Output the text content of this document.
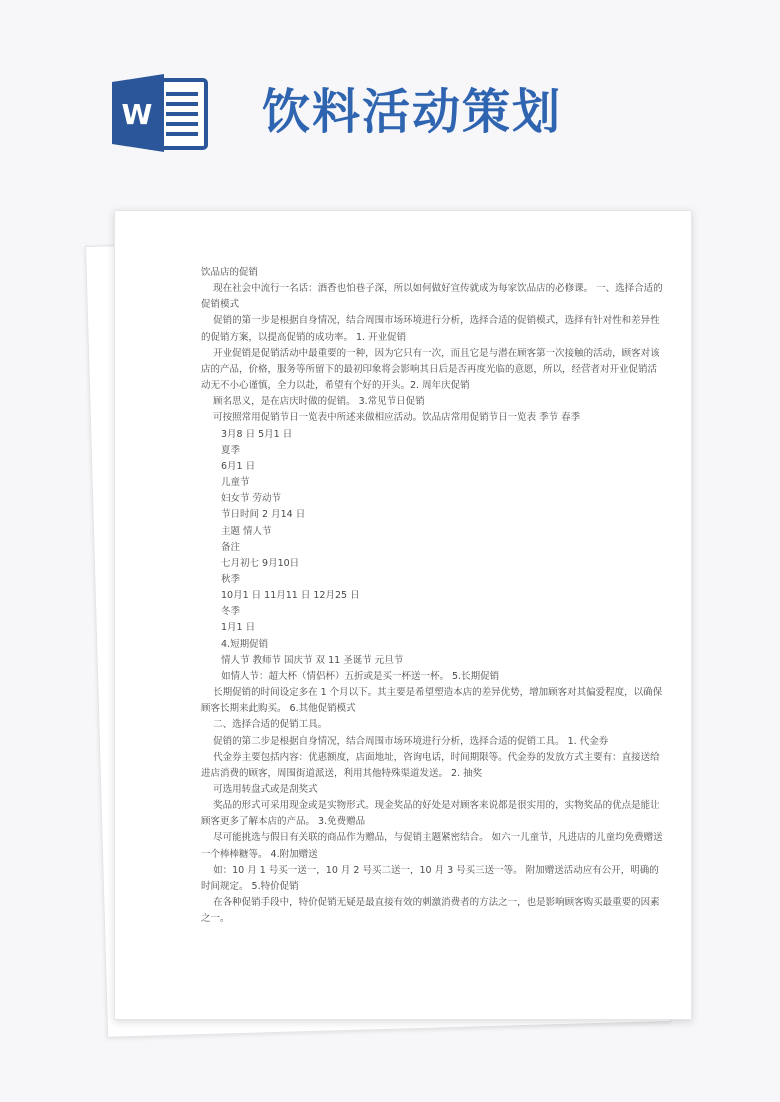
W 饮料活动策划

饮品店的促销

现在社会中流行一名话：酒香也怕巷子深，所以如何做好宣传就成为每家饮品店的必修课。 一、选择合适的促销模式

促销的第一步是根据自身情况，结合周围市场环境进行分析，选择合适的促销模式，选择有针对性和差异性的促销方案，以提高促销的成功率。 1. 开业促销

开业促销是促销活动中最重要的一种，因为它只有一次，而且它是与潜在顾客第一次接触的活动，顾客对该店的产品，价格，服务等所留下的最初印象将会影响其日后是否再度光临的意愿，所以，经营者对开业促销活动无不小心谨慎，全力以赴，希望有个好的开头。2. 周年庆促销

顾名思义，是在店庆时做的促销。 3.常见节日促销

可按照常用促销节日一览表中所述来做相应活动。饮品店常用促销节日一览表 季节 春季

3月8 日 5月1 日

夏季

6月1 日

儿童节

妇女节 劳动节

节日时间 2 月14 日

主题 情人节

备注

七月初七 9月10日

秋季

10月1 日 11月11 日 12月25 日

冬季

1月1 日

4.短期促销

情人节 教师节 国庆节 双 11 圣诞节 元旦节

如情人节：超大杯（情侣杯）五折或是买一杯送一杯。 5.长期促销

长期促销的时间设定多在 1 个月以下。其主要是希望塑造本店的差异优势，增加顾客对其偏爱程度，以确保顾客长期来此购买。 6.其他促销模式

二、选择合适的促销工具。

促销的第二步是根据自身情况，结合周围市场环境进行分析，选择合适的促销工具。 1. 代金券

代金券主要包括内容：优惠额度，店面地址，咨询电话，时间期限等。代金券的发放方式主要有：直接送给进店消费的顾客，周围街道派送，利用其他特殊渠道发送。 2. 抽奖

可选用转盘式或是刮奖式

奖品的形式可采用现金或是实物形式。现金奖品的好处是对顾客来说都是很实用的，实物奖品的优点是能让顾客更多了解本店的产品。 3.免费赠品

尽可能挑选与假日有关联的商品作为赠品，与促销主题紧密结合。 如六一儿童节，凡进店的儿童均免费赠送一个棒棒糖等。 4.附加赠送

如：10 月 1 号买一送一，10 月 2 号买二送一，10 月 3 号买三送一等。 附加赠送活动应有公开，明确的时间规定。 5.特价促销

在各种促销手段中，特价促销无疑是最直接有效的刺激消费者的方法之一，也是影响顾客购买最重要的因素之一。
